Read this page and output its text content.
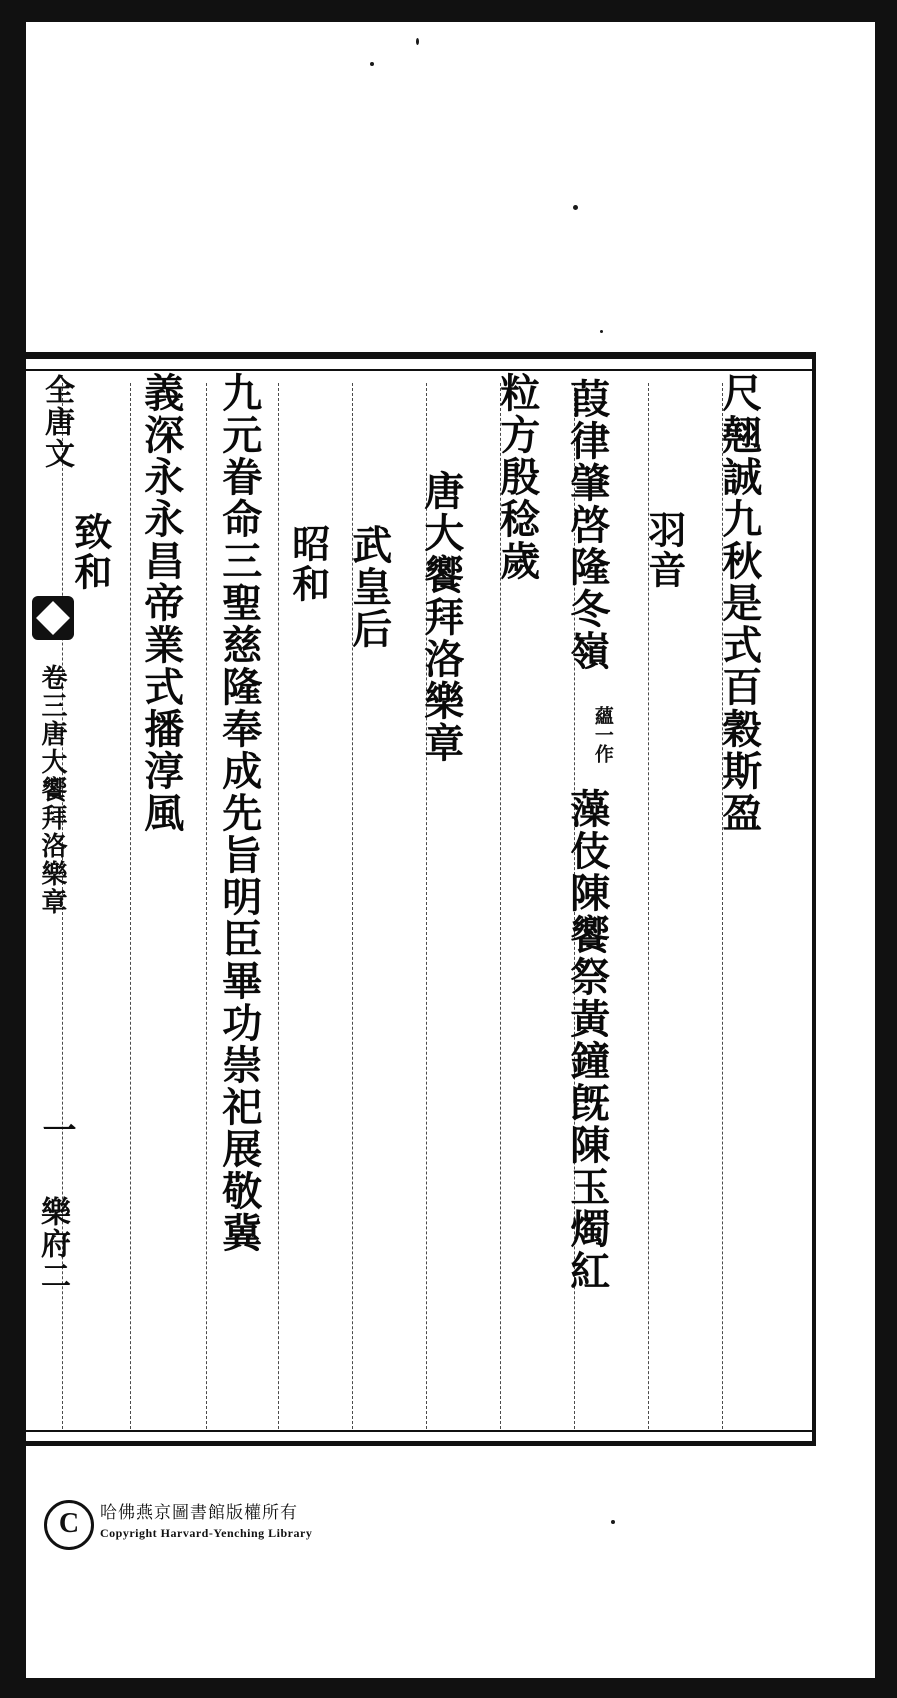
全唐文
卷三唐大饗拜洛樂章
一
樂府二
尺翹誠九秋是式百穀斯盈
葭律肇啓隆冬嶺
蘊一作
藻伎陳饗祭黃鐘旣陳玉燭紅
羽音
粒方殷稔歲
唐大饗拜洛樂章
武皇后
昭和
九元眷命三聖慈隆奉成先旨明臣畢功崇祀展敬冀
義深永永昌帝業式播淳風
致和
C	哈佛燕京圖書館版權所有
Copyright Harvard-Yenching Library
